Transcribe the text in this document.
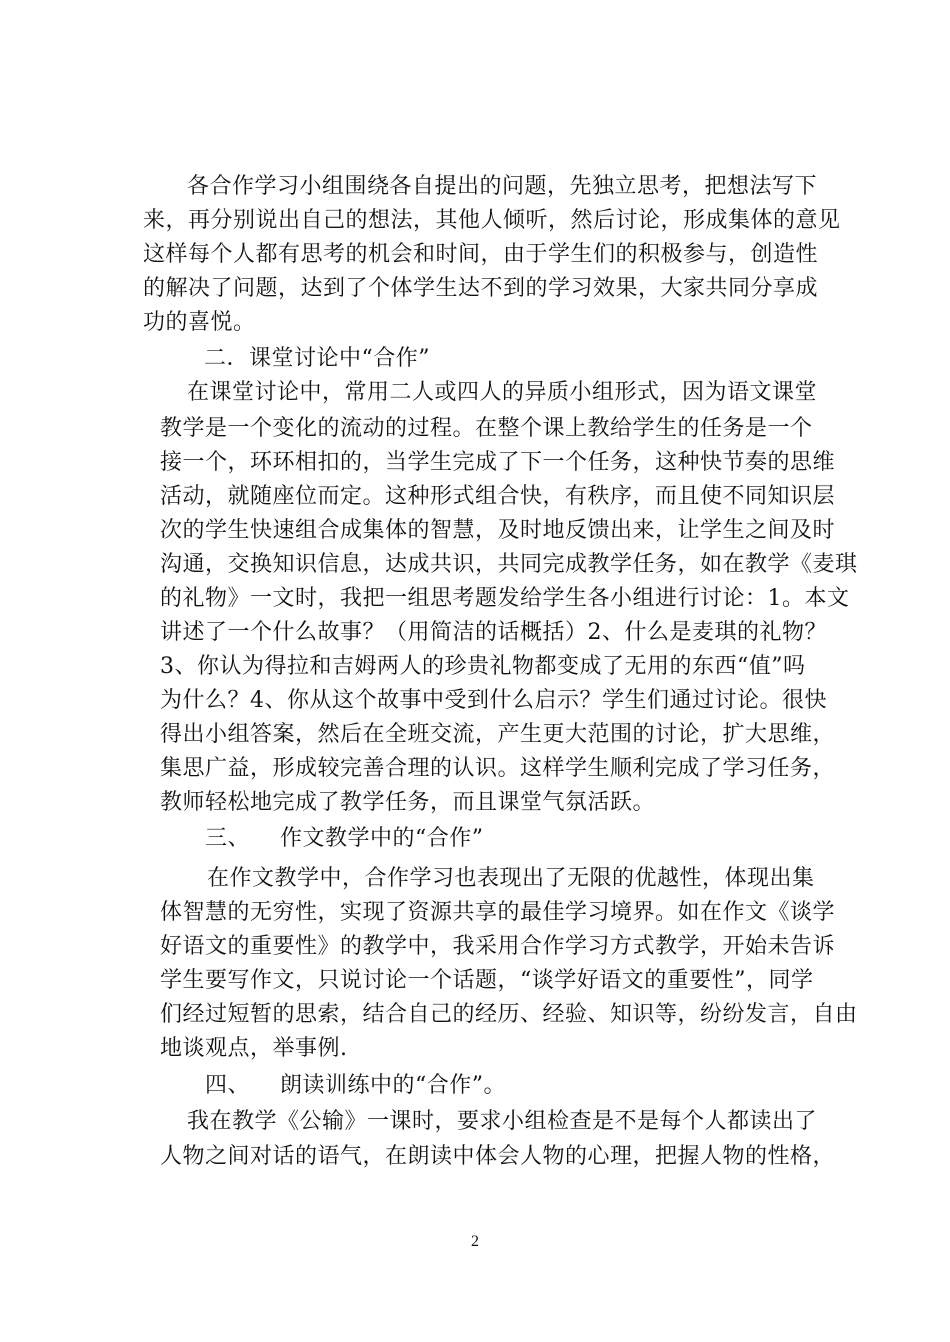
各合作学习小组围绕各自提出的问题，先独立思考，把想法写下
来，再分别说出自己的想法，其他人倾听，然后讨论，形成集体的意见
这样每个人都有思考的机会和时间，由于学生们的积极参与，创造性
的解决了问题，达到了个体学生达不到的学习效果，大家共同分享成
功的喜悦。
二．课堂讨论中“合作”
在课堂讨论中，常用二人或四人的异质小组形式，因为语文课堂
教学是一个变化的流动的过程。在整个课上教给学生的任务是一个
接一个，环环相扣的，当学生完成了下一个任务，这种快节奏的思维
活动，就随座位而定。这种形式组合快，有秩序，而且使不同知识层
次的学生快速组合成集体的智慧，及时地反馈出来，让学生之间及时
沟通，交换知识信息，达成共识，共同完成教学任务，如在教学《麦琪
的礼物》一文时，我把一组思考题发给学生各小组进行讨论：1。本文
讲述了一个什么故事？（用简洁的话概括）2、什么是麦琪的礼物？
3、你认为得拉和吉姆两人的珍贵礼物都变成了无用的东西“值”吗
为什么？4、你从这个故事中受到什么启示？学生们通过讨论。很快
得出小组答案，然后在全班交流，产生更大范围的讨论，扩大思维，
集思广益，形成较完善合理的认识。这样学生顺利完成了学习任务，
教师轻松地完成了教学任务，而且课堂气氛活跃。
三、    作文教学中的“合作”
在作文教学中，合作学习也表现出了无限的优越性，体现出集
体智慧的无穷性，实现了资源共享的最佳学习境界。如在作文《谈学
好语文的重要性》的教学中，我采用合作学习方式教学，开始未告诉
学生要写作文，只说讨论一个话题，“谈学好语文的重要性”，同学
们经过短暂的思索，结合自己的经历、经验、知识等，纷纷发言，自由
地谈观点，举事例.
四、    朗读训练中的“合作”。
我在教学《公输》一课时，要求小组检查是不是每个人都读出了
人物之间对话的语气，在朗读中体会人物的心理，把握人物的性格，
2
